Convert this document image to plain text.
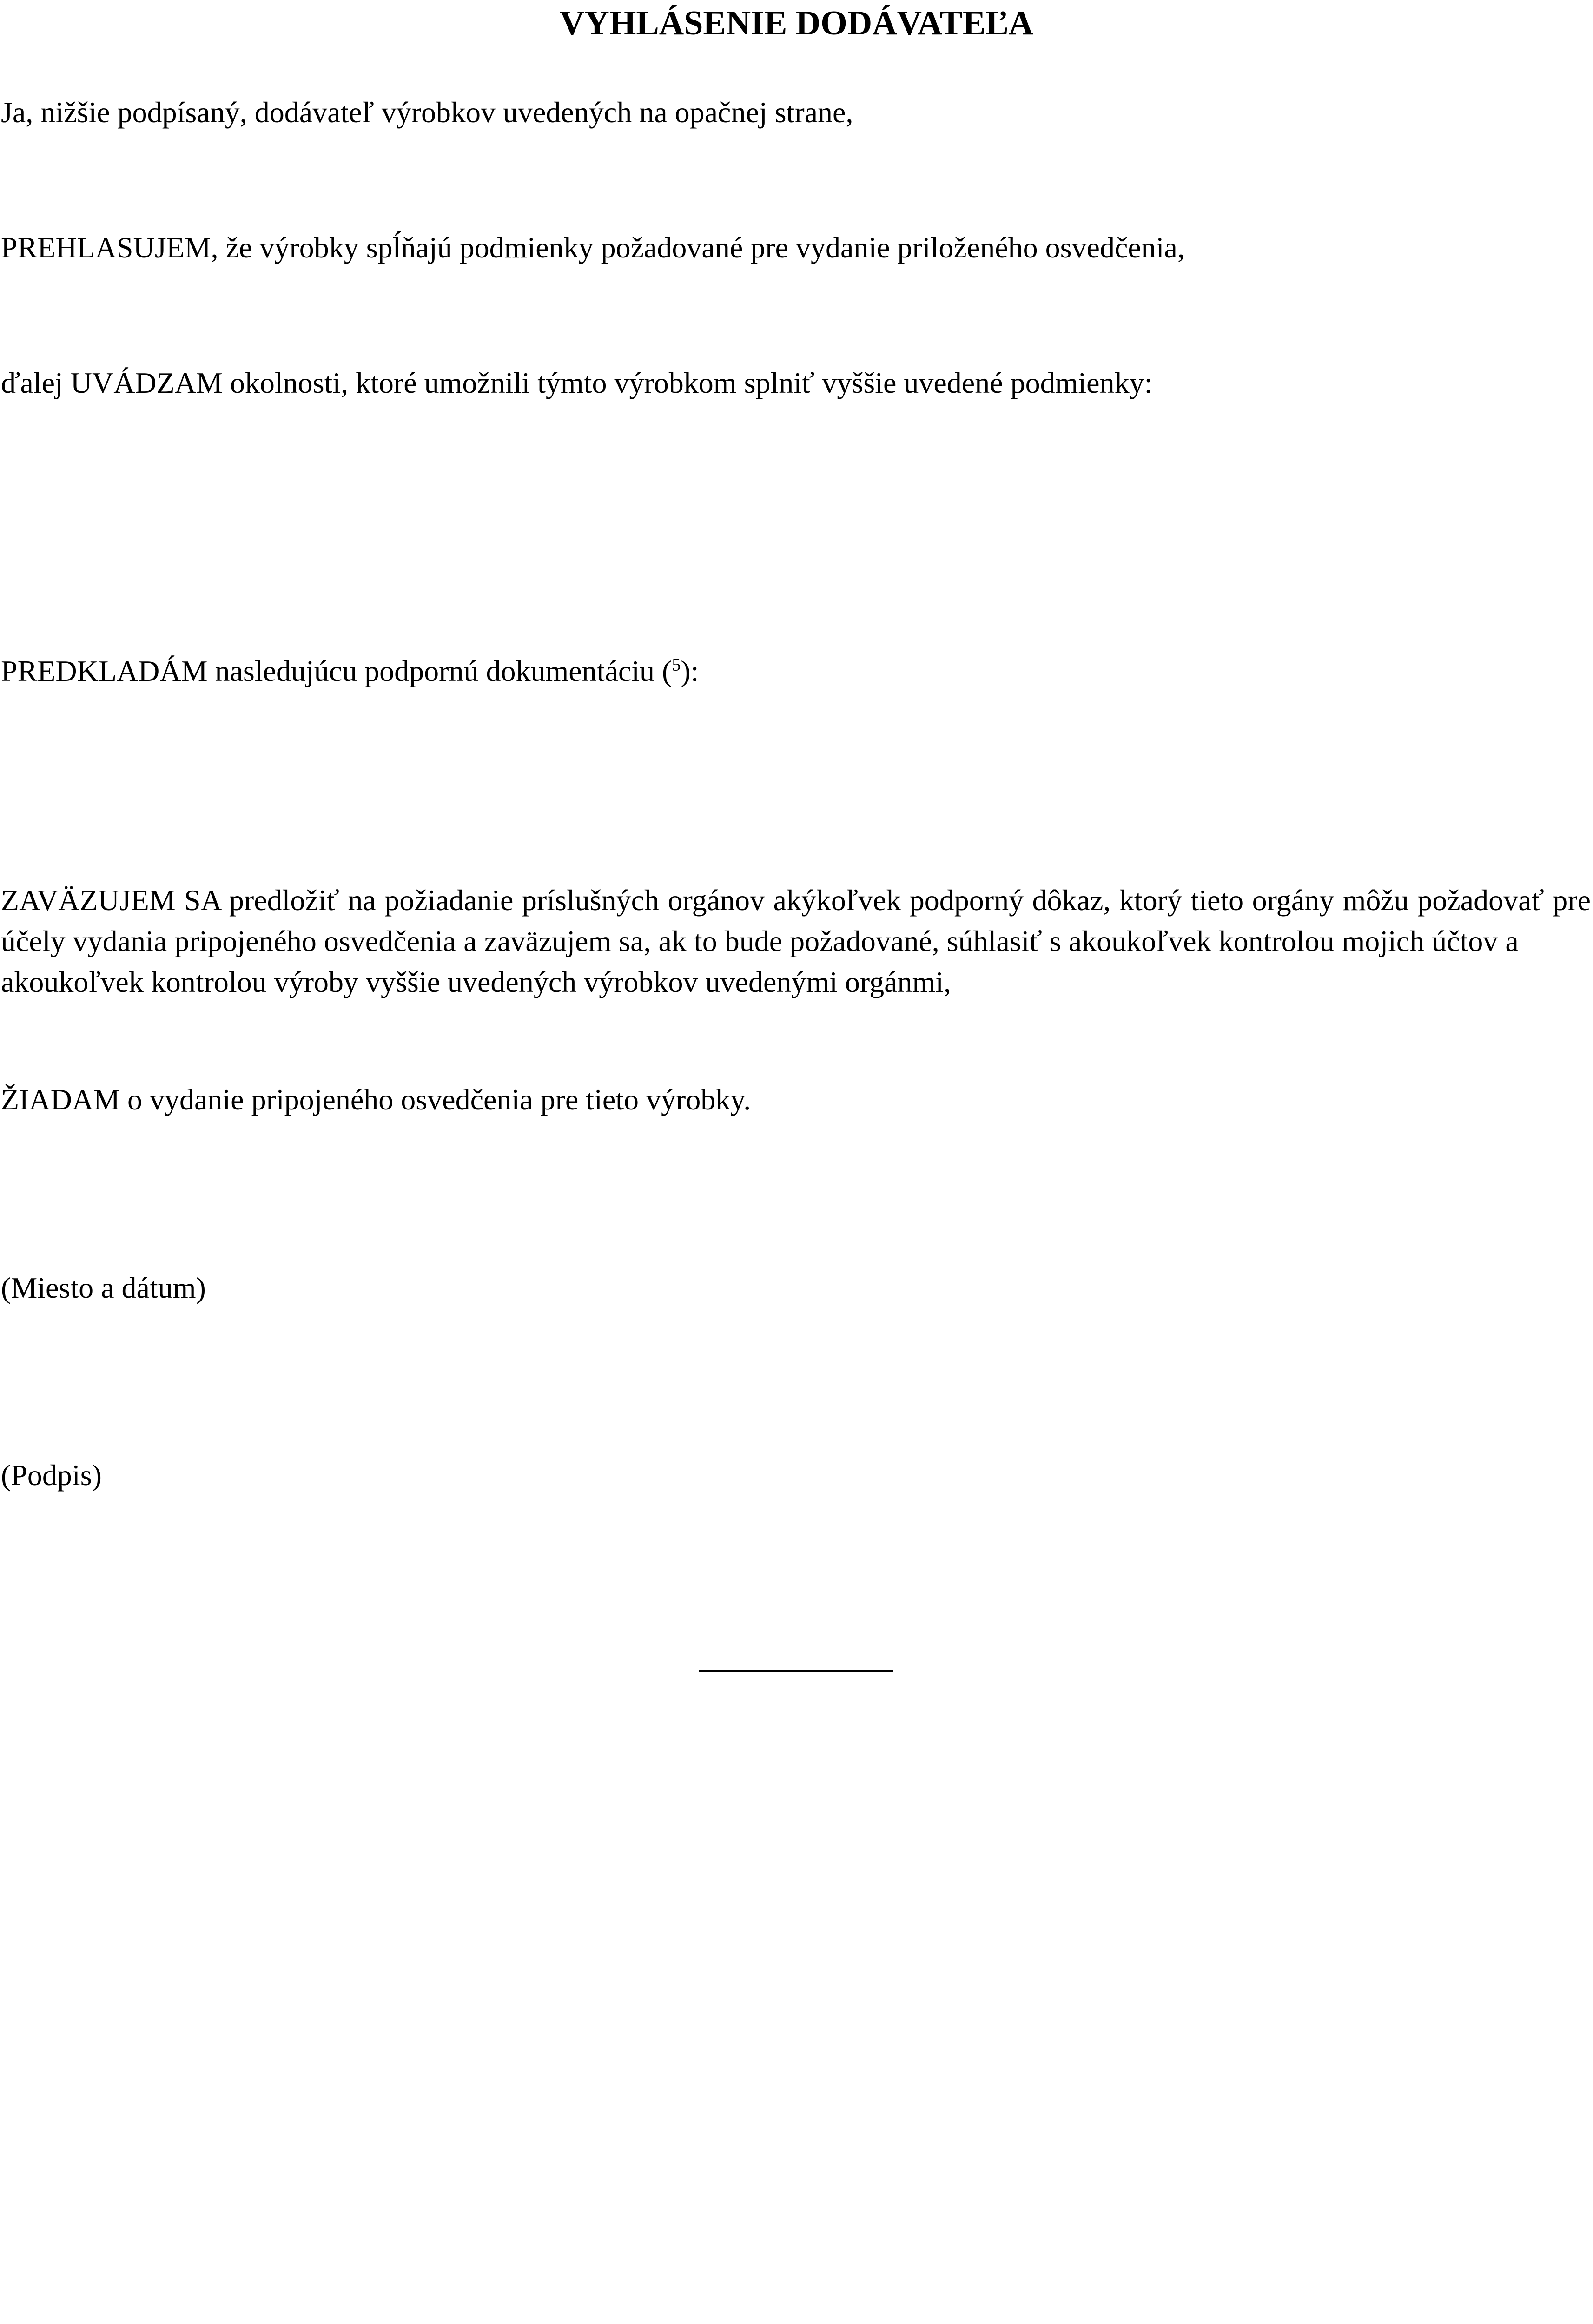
VYHLÁSENIE DODÁVATEĽA
Ja, nižšie podpísaný, dodávateľ výrobkov uvedených na opačnej strane,
PREHLASUJEM, že výrobky spĺňajú podmienky požadované pre vydanie priloženého osvedčenia,
ďalej UVÁDZAM okolnosti, ktoré umožnili týmto výrobkom splniť vyššie uvedené podmienky:
PREDKLADÁM nasledujúcu podpornú dokumentáciu ($^5$):
ZAVÄZUJEM SA predložiť na požiadanie príslušných orgánov akýkoľvek podporný dôkaz, ktorý tieto orgány môžu požadovať pre účely vydania pripojeného osvedčenia a zaväzujem sa, ak to bude požadované, súhlasiť s akoukoľvek kontrolou mojich účtov a
akoukoľvek kontrolou výroby vyššie uvedených výrobkov uvedenými orgánmi,
ŽIADAM o vydanie pripojeného osvedčenia pre tieto výrobky.
(Miesto a dátum)
(Podpis)
